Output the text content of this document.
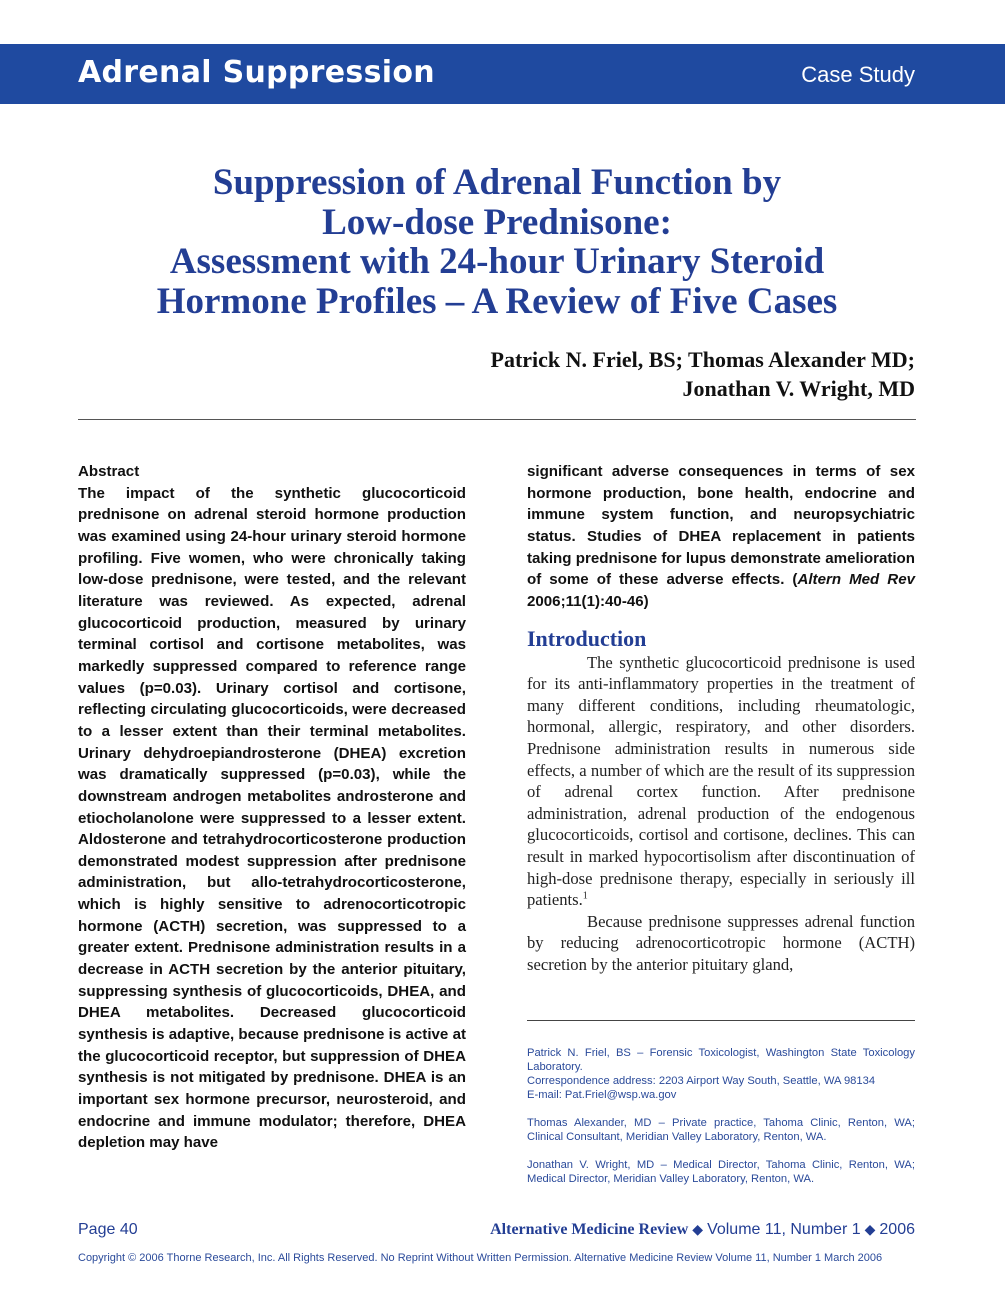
Adrenal Suppression	Case Study
Suppression of Adrenal Function by
Low-dose Prednisone:
Assessment with 24-hour Urinary Steroid
Hormone Profiles – A Review of Five Cases
Patrick N. Friel, BS; Thomas Alexander MD;
Jonathan V. Wright, MD
Abstract
The impact of the synthetic glucocorticoid prednisone on adrenal steroid hormone production was examined using 24-hour urinary steroid hormone profiling. Five women, who were chronically taking low-dose prednisone, were tested, and the relevant literature was reviewed. As expected, adrenal glucocorticoid production, measured by urinary terminal cortisol and cortisone metabolites, was markedly suppressed compared to reference range values (p=0.03). Urinary cortisol and cortisone, reflecting circulating glucocorticoids, were decreased to a lesser extent than their terminal metabolites. Urinary dehydroepiandrosterone (DHEA) excretion was dramatically suppressed (p=0.03), while the downstream androgen metabolites androsterone and etiocholanolone were suppressed to a lesser extent. Aldosterone and tetrahydrocorticosterone production demonstrated modest suppression after prednisone administration, but allo-tetrahydrocorticosterone, which is highly sensitive to adrenocorticotropic hormone (ACTH) secretion, was suppressed to a greater extent. Prednisone administration results in a decrease in ACTH secretion by the anterior pituitary, suppressing synthesis of glucocorticoids, DHEA, and DHEA metabolites. Decreased glucocorticoid synthesis is adaptive, because prednisone is active at the glucocorticoid receptor, but suppression of DHEA synthesis is not mitigated by prednisone. DHEA is an important sex hormone precursor, neurosteroid, and endocrine and immune modulator; therefore, DHEA depletion may have
significant adverse consequences in terms of sex hormone production, bone health, endocrine and immune system function, and neuropsychiatric status. Studies of DHEA replacement in patients taking prednisone for lupus demonstrate amelioration of some of these adverse effects. (Altern Med Rev 2006;11(1):40-46)
Introduction

The synthetic glucocorticoid prednisone is used for its anti-inflammatory properties in the treatment of many different conditions, including rheumatologic, hormonal, allergic, respiratory, and other disorders. Prednisone administration results in numerous side effects, a number of which are the result of its suppression of adrenal cortex function. After prednisone administration, adrenal production of the endogenous glucocorticoids, cortisol and cortisone, declines. This can result in marked hypocortisolism after discontinuation of high-dose prednisone therapy, especially in seriously ill patients.$^1$

Because prednisone suppresses adrenal function by reducing adrenocorticotropic hormone (ACTH) secretion by the anterior pituitary gland,

Patrick N. Friel, BS – Forensic Toxicologist, Washington State Toxicology Laboratory.
Correspondence address: 2203 Airport Way South, Seattle, WA 98134
E-mail: Pat.Friel@wsp.wa.gov
Thomas Alexander, MD – Private practice, Tahoma Clinic, Renton, WA; Clinical Consultant, Meridian Valley Laboratory, Renton, WA.
Jonathan V. Wright, MD – Medical Director, Tahoma Clinic, Renton, WA; Medical Director, Meridian Valley Laboratory, Renton, WA.
Page 40	Alternative Medicine Review ◆ Volume 11, Number 1 ◆ 2006
Copyright © 2006 Thorne Research, Inc. All Rights Reserved. No Reprint Without Written Permission. Alternative Medicine Review Volume 11, Number 1 March 2006
